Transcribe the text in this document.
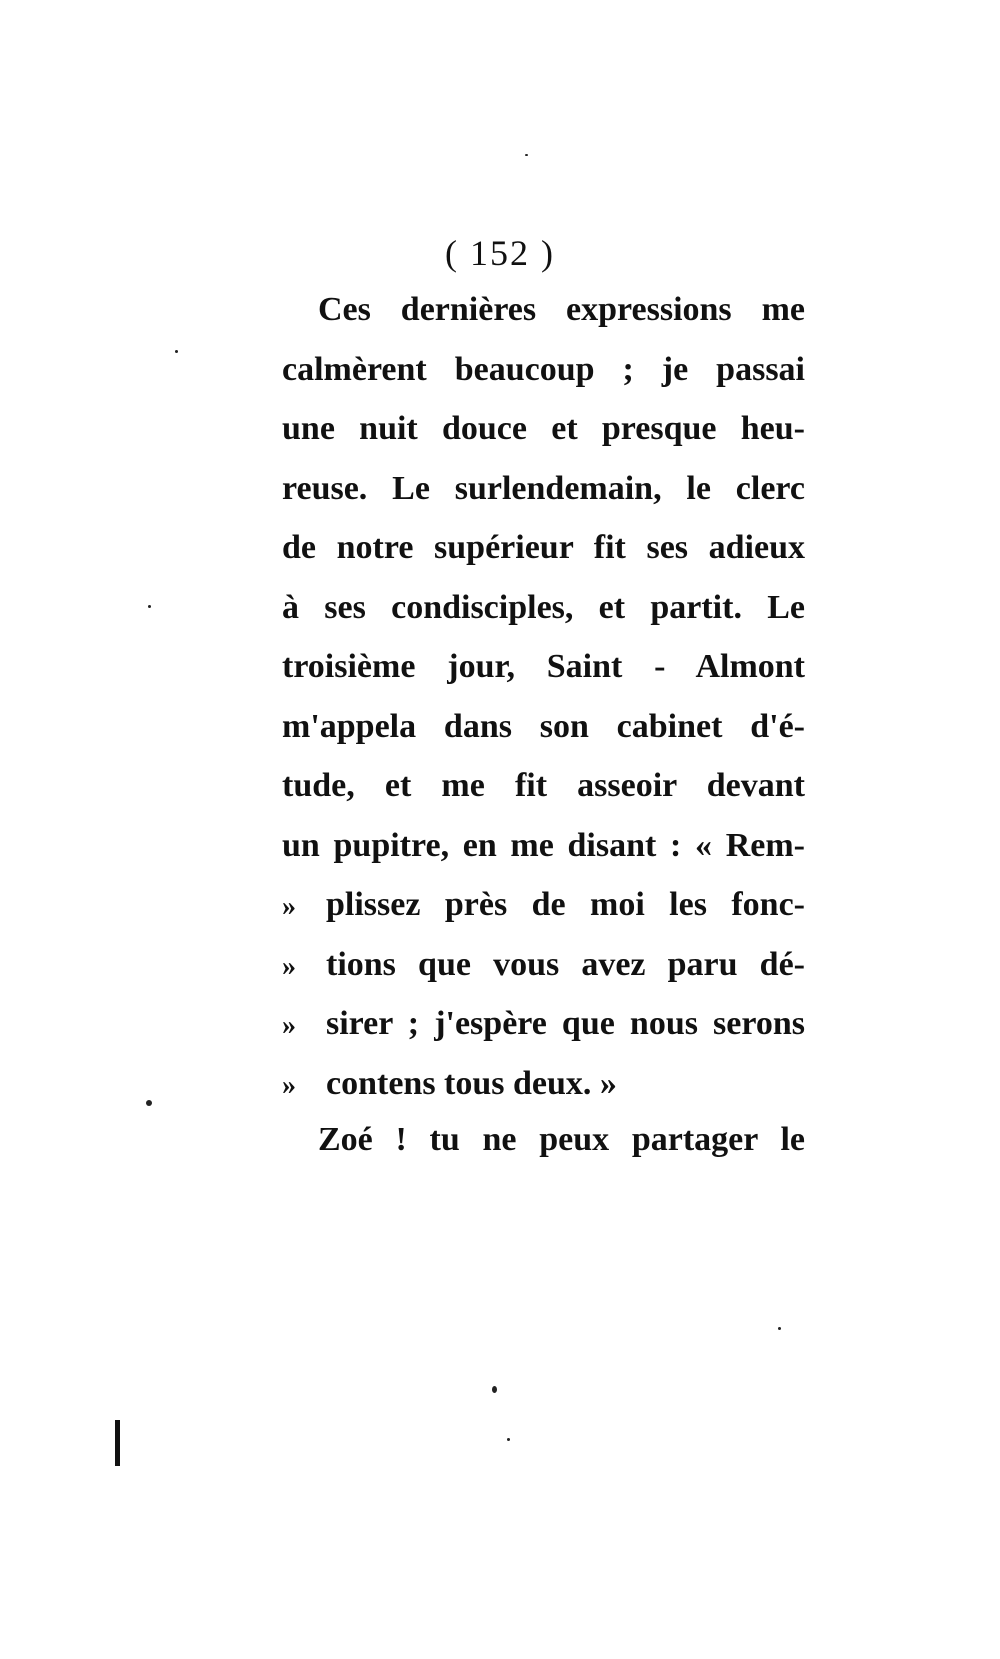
( 152 )
Ces dernières expressions me
calmèrent beaucoup ; je passai
une nuit douce et presque heu-
reuse. Le surlendemain, le clerc
de notre supérieur fit ses adieux
à ses condisciples, et partit. Le
troisième jour, Saint - Almont
m'appela dans son cabinet d'é-
tude, et me fit asseoir devant
un pupitre, en me disant : « Rem-
» plissez près de moi les fonc-
» tions que vous avez paru dé-
» sirer ; j'espère que nous serons
» contens tous deux. »
Zoé ! tu ne peux partager le
